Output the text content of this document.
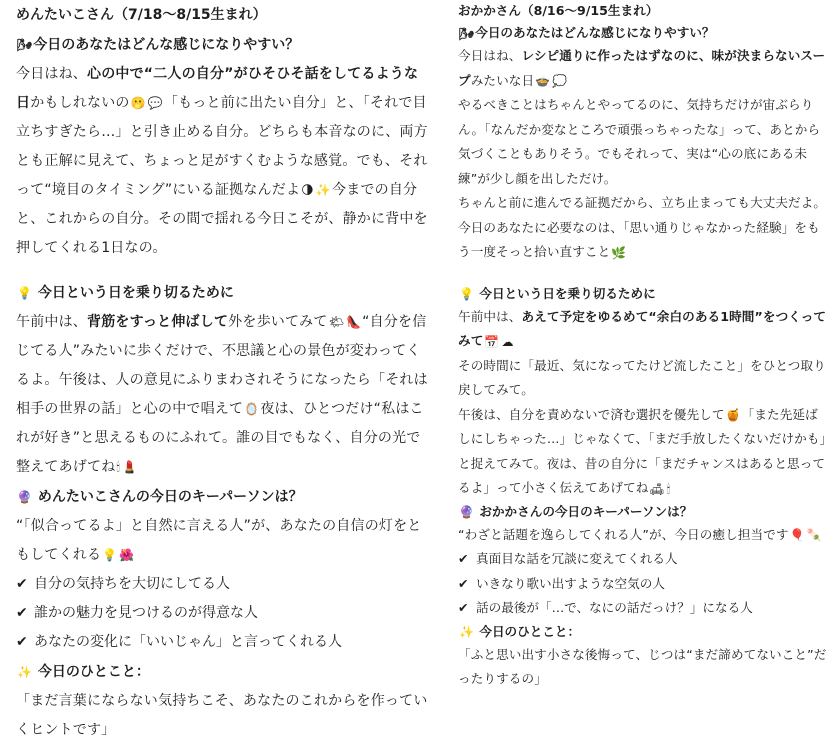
めんたいこさん（7/18〜8/15生まれ）

🌬今日のあなたはどんな感じになりやすい？

今日はね、心の中で“二人の自分”がひそひそ話をしてるような日かもしれないの🫢 💬「もっと前に出たい自分」と、「それで目立ちすぎたら…」と引き止める自分。どちらも本音なのに、両方とも正解に見えて、ちょっと足がすくむような感覚。でも、それって“境目のタイミング”にいる証拠なんだよ🌗 ✨今までの自分と、これからの自分。その間で揺れる今日こそが、静かに背中を押してくれる1日なの。

💡 今日という日を乗り切るために

午前中は、背筋をすっと伸ばして外を歩いてみて🌤 👠“自分を信じてる人”みたいに歩くだけで、不思議と心の景色が変わってくるよ。午後は、人の意見にふりまわされそうになったら「それは相手の世界の話」と心の中で唱えて🪞夜は、ひとつだけ“私はこれが好き”と思えるものにふれて。誰の目でもなく、自分の光で整えてあげてね🕯 💄

🔮 めんたいこさんの今日のキーパーソンは？

“「似合ってるよ」と自然に言える人”が、あなたの自信の灯をともしてくれる💡 🌺

✔ 自分の気持ちを大切にしてる人

✔ 誰かの魅力を見つけるのが得意な人

✔ あなたの変化に「いいじゃん」と言ってくれる人

✨ 今日のひとこと：

「まだ言葉にならない気持ちこそ、あなたのこれからを作っていくヒントです」

おかかさん（8/16〜9/15生まれ）

🌬今日のあなたはどんな感じになりやすい？

今日はね、レシピ通りに作ったはずなのに、味が決まらないスープみたいな日🍲 💭
やるべきことはちゃんとやってるのに、気持ちだけが宙ぶらりん。「なんだか変なところで頑張っちゃったな」って、あとから気づくこともありそう。でもそれって、実は“心の底にある未練”が少し顔を出しただけ。
ちゃんと前に進んでる証拠だから、立ち止まっても大丈夫だよ。今日のあなたに必要なのは、「思い通りじゃなかった経験」をもう一度そっと拾い直すこと🌿

💡 今日という日を乗り切るために

午前中は、あえて予定をゆるめて“余白のある1時間”をつくってみて📅 ☁
その時間に「最近、気になってたけど流したこと」をひとつ取り戻してみて。
午後は、自分を責めないで済む選択を優先して🍯「また先延ばしにしちゃった…」じゃなくて、「まだ手放したくないだけかも」と捉えてみて。夜は、昔の自分に「まだチャンスはあると思ってるよ」って小さく伝えてあげてね🛋 🕯

🔮 おかかさんの今日のキーパーソンは？

“わざと話題を逸らしてくれる人”が、今日の癒し担当です🎈 🍡

✔ 真面目な話を冗談に変えてくれる人

✔ いきなり歌い出すような空気の人

✔ 話の最後が「…で、なにの話だっけ？」になる人

✨ 今日のひとこと：

「ふと思い出す小さな後悔って、じつは“まだ諦めてないこと”だったりするの」
